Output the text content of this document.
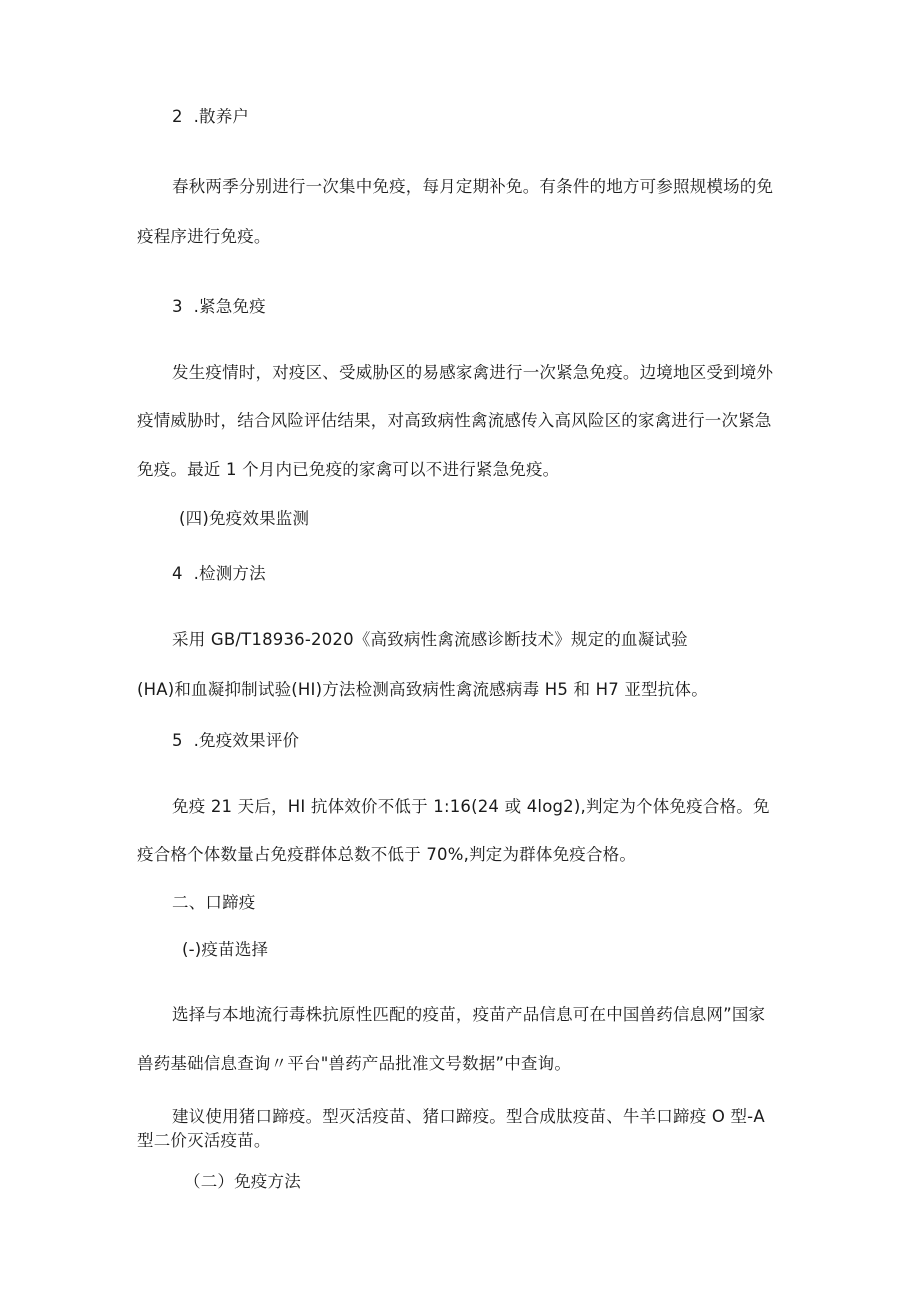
2  .散养户
春秋两季分别进行一次集中免疫，每月定期补免。有条件的地方可参照规模场的免
疫程序进行免疫。
3  .紧急免疫
发生疫情时，对疫区、受威胁区的易感家禽进行一次紧急免疫。边境地区受到境外
疫情威胁时，结合风险评估结果，对高致病性禽流感传入高风险区的家禽进行一次紧急
免疫。最近 1 个月内已免疫的家禽可以不进行紧急免疫。
(四)免疫效果监测
4  .检测方法
采用 GB/T18936-2020《高致病性禽流感诊断技术》规定的血凝试验
(HA)和血凝抑制试验(HI)方法检测高致病性禽流感病毒 H5 和 H7 亚型抗体。
5  .免疫效果评价
免疫 21 天后，HI 抗体效价不低于 1:16(24 或 4log2),判定为个体免疫合格。免
疫合格个体数量占免疫群体总数不低于 70%,判定为群体免疫合格。
二、口蹄疫
(-)疫苗选择
选择与本地流行毒株抗原性匹配的疫苗，疫苗产品信息可在中国兽药信息网”国家
兽药基础信息查询〃平台"兽药产品批准文号数据”中查询。
建议使用猪口蹄疫。型灭活疫苗、猪口蹄疫。型合成肽疫苗、牛羊口蹄疫 O 型-A
型二价灭活疫苗。
（二）免疫方法
